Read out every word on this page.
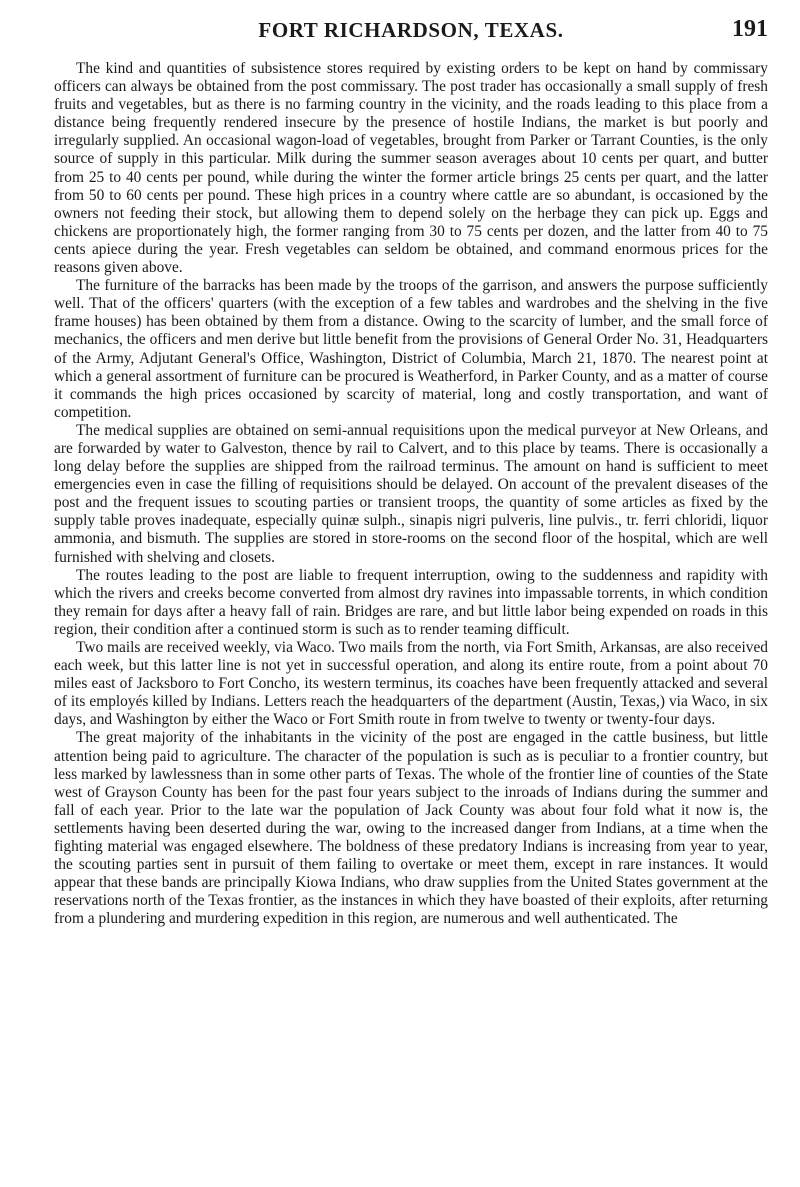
FORT RICHARDSON, TEXAS.	191

The kind and quantities of subsistence stores required by existing orders to be kept on hand by commissary officers can always be obtained from the post commissary. The post trader has occasionally a small supply of fresh fruits and vegetables, but as there is no farming country in the vicinity, and the roads leading to this place from a distance being frequently rendered insecure by the presence of hostile Indians, the market is but poorly and irregularly supplied. An occasional wagon-load of vegetables, brought from Parker or Tarrant Counties, is the only source of supply in this particular. Milk during the summer season averages about 10 cents per quart, and butter from 25 to 40 cents per pound, while during the winter the former article brings 25 cents per quart, and the latter from 50 to 60 cents per pound. These high prices in a country where cattle are so abundant, is occasioned by the owners not feeding their stock, but allowing them to depend solely on the herbage they can pick up. Eggs and chickens are proportionately high, the former ranging from 30 to 75 cents per dozen, and the latter from 40 to 75 cents apiece during the year. Fresh vegetables can seldom be obtained, and command enormous prices for the reasons given above.

The furniture of the barracks has been made by the troops of the garrison, and answers the purpose sufficiently well. That of the officers' quarters (with the exception of a few tables and wardrobes and the shelving in the five frame houses) has been obtained by them from a distance. Owing to the scarcity of lumber, and the small force of mechanics, the officers and men derive but little benefit from the provisions of General Order No. 31, Headquarters of the Army, Adjutant General's Office, Washington, District of Columbia, March 21, 1870. The nearest point at which a general assortment of furniture can be procured is Weatherford, in Parker County, and as a matter of course it commands the high prices occasioned by scarcity of material, long and costly transportation, and want of competition.

The medical supplies are obtained on semi-annual requisitions upon the medical purveyor at New Orleans, and are forwarded by water to Galveston, thence by rail to Calvert, and to this place by teams. There is occasionally a long delay before the supplies are shipped from the railroad terminus. The amount on hand is sufficient to meet emergencies even in case the filling of requisitions should be delayed. On account of the prevalent diseases of the post and the frequent issues to scouting parties or transient troops, the quantity of some articles as fixed by the supply table proves inadequate, especially quinæ sulph., sinapis nigri pulveris, line pulvis., tr. ferri chloridi, liquor ammonia, and bismuth. The supplies are stored in store-rooms on the second floor of the hospital, which are well furnished with shelving and closets.

The routes leading to the post are liable to frequent interruption, owing to the suddenness and rapidity with which the rivers and creeks become converted from almost dry ravines into impassable torrents, in which condition they remain for days after a heavy fall of rain. Bridges are rare, and but little labor being expended on roads in this region, their condition after a continued storm is such as to render teaming difficult.

Two mails are received weekly, via Waco. Two mails from the north, via Fort Smith, Arkansas, are also received each week, but this latter line is not yet in successful operation, and along its entire route, from a point about 70 miles east of Jacksboro to Fort Concho, its western terminus, its coaches have been frequently attacked and several of its employés killed by Indians. Letters reach the headquarters of the department (Austin, Texas,) via Waco, in six days, and Washington by either the Waco or Fort Smith route in from twelve to twenty or twenty-four days.

The great majority of the inhabitants in the vicinity of the post are engaged in the cattle business, but little attention being paid to agriculture. The character of the population is such as is peculiar to a frontier country, but less marked by lawlessness than in some other parts of Texas. The whole of the frontier line of counties of the State west of Grayson County has been for the past four years subject to the inroads of Indians during the summer and fall of each year. Prior to the late war the population of Jack County was about four fold what it now is, the settlements having been deserted during the war, owing to the increased danger from Indians, at a time when the fighting material was engaged elsewhere. The boldness of these predatory Indians is increasing from year to year, the scouting parties sent in pursuit of them failing to overtake or meet them, except in rare instances. It would appear that these bands are principally Kiowa Indians, who draw supplies from the United States government at the reservations north of the Texas frontier, as the instances in which they have boasted of their exploits, after returning from a plundering and murdering expedition in this region, are numerous and well authenticated. The
